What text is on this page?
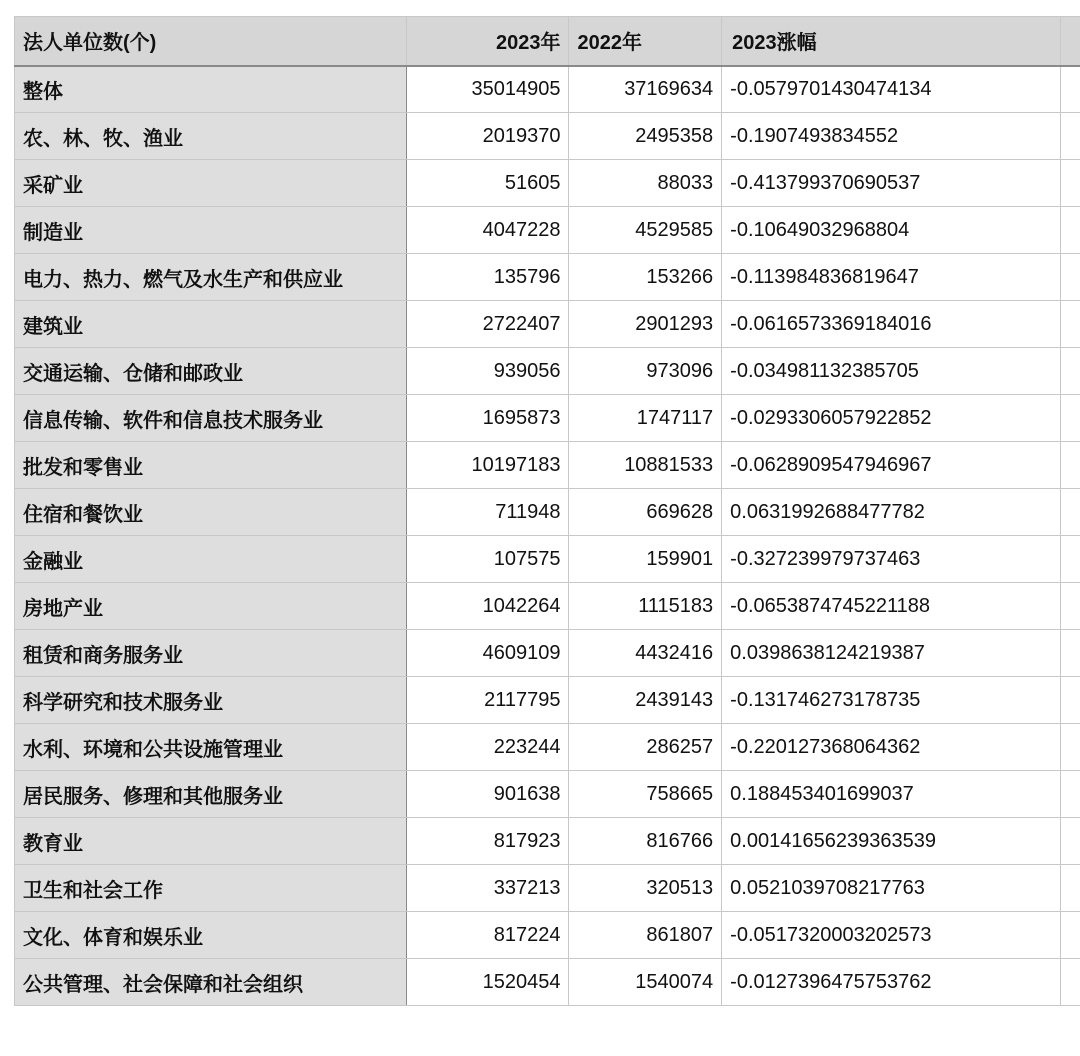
法人单位数(个)	2023年	2022年	2023涨幅	
整体	35014905	37169634	-0.0579701430474134	
农、林、牧、渔业	2019370	2495358	-0.1907493834552	
采矿业	51605	88033	-0.413799370690537	
制造业	4047228	4529585	-0.10649032968804	
电力、热力、燃气及水生产和供应业	135796	153266	-0.113984836819647	
建筑业	2722407	2901293	-0.0616573369184016	
交通运输、仓储和邮政业	939056	973096	-0.034981132385705	
信息传输、软件和信息技术服务业	1695873	1747117	-0.0293306057922852	
批发和零售业	10197183	10881533	-0.0628909547946967	
住宿和餐饮业	711948	669628	0.0631992688477782	
金融业	107575	159901	-0.327239979737463	
房地产业	1042264	1115183	-0.0653874745221188	
租赁和商务服务业	4609109	4432416	0.0398638124219387	
科学研究和技术服务业	2117795	2439143	-0.131746273178735	
水利、环境和公共设施管理业	223244	286257	-0.220127368064362	
居民服务、修理和其他服务业	901638	758665	0.188453401699037	
教育业	817923	816766	0.00141656239363539	
卫生和社会工作	337213	320513	0.0521039708217763	
文化、体育和娱乐业	817224	861807	-0.0517320003202573	
公共管理、社会保障和社会组织	1520454	1540074	-0.0127396475753762	
